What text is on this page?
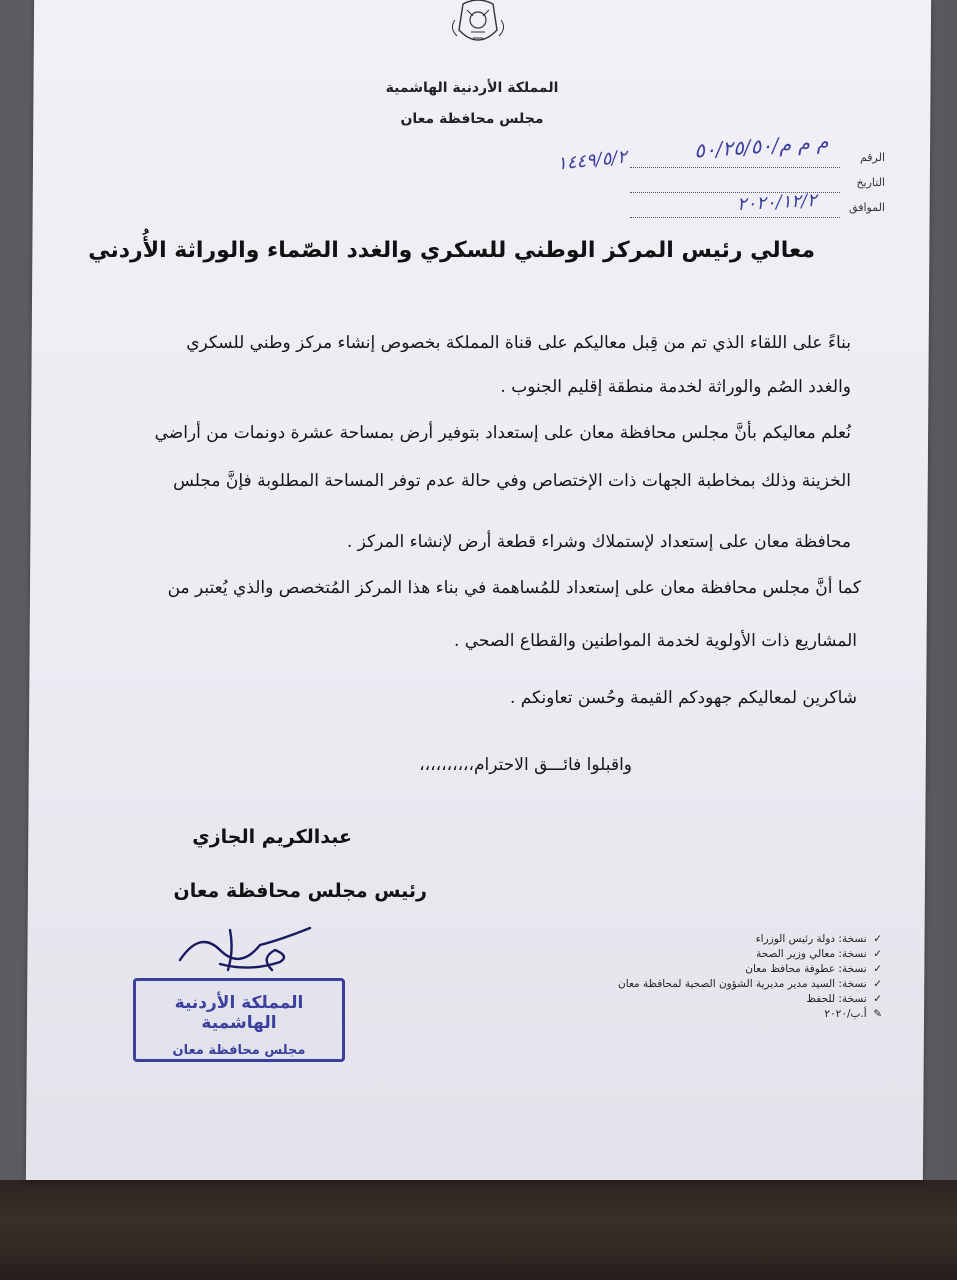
المملكة الأردنية الهاشمية
مجلس محافظة معان
الرقم
التاريخ
الموافق
م م م/٥٠/٢٥/٥٠
١٤٤٩/٥/٢
٢٠٢٠/١٢/٢
معالي رئيس المركز الوطني للسكري والغدد الصّماء والوراثة الأُردني
بناءً على اللقاء الذي تم من قِبل معاليكم على قناة المملكة بخصوص إنشاء مركز وطني للسكري
والغدد الصُم والوراثة لخدمة منطقة إقليم الجنوب .
نُعلم معاليكم بأنَّ مجلس محافظة معان على إستعداد بتوفير أرض بمساحة عشرة دونمات من أراضي
الخزينة وذلك بمخاطبة الجهات ذات الإختصاص وفي حالة عدم توفر المساحة المطلوبة فإنَّ مجلس
محافظة معان على إستعداد لإستملاك وشراء قطعة أرض لإنشاء المركز .
كما أنَّ مجلس محافظة معان على إستعداد للمُساهمة في بناء هذا المركز المُتخصص والذي يُعتبر من
المشاريع ذات الأولوية لخدمة المواطنين والقطاع الصحي .
شاكرين لمعاليكم جهودكم القيمة وحُسن تعاونكم .
واقبلوا فائـــق الاحترام،،،،،،،،،،
عبدالكريم الجازي
رئيس مجلس محافظة معان
المملكة الأردنية الهاشمية
مجلس محافظة معان
✓ نسخة: دولة رئيس الوزراء
✓ نسخة: معالي وزير الصحة
✓ نسخة: عطوفة محافظ معان
✓ نسخة: السيد مدير مديرية الشؤون الصحية لمحافظة معان
✓ نسخة: للحفظ
✎ أ.ب/٢٠٢٠
